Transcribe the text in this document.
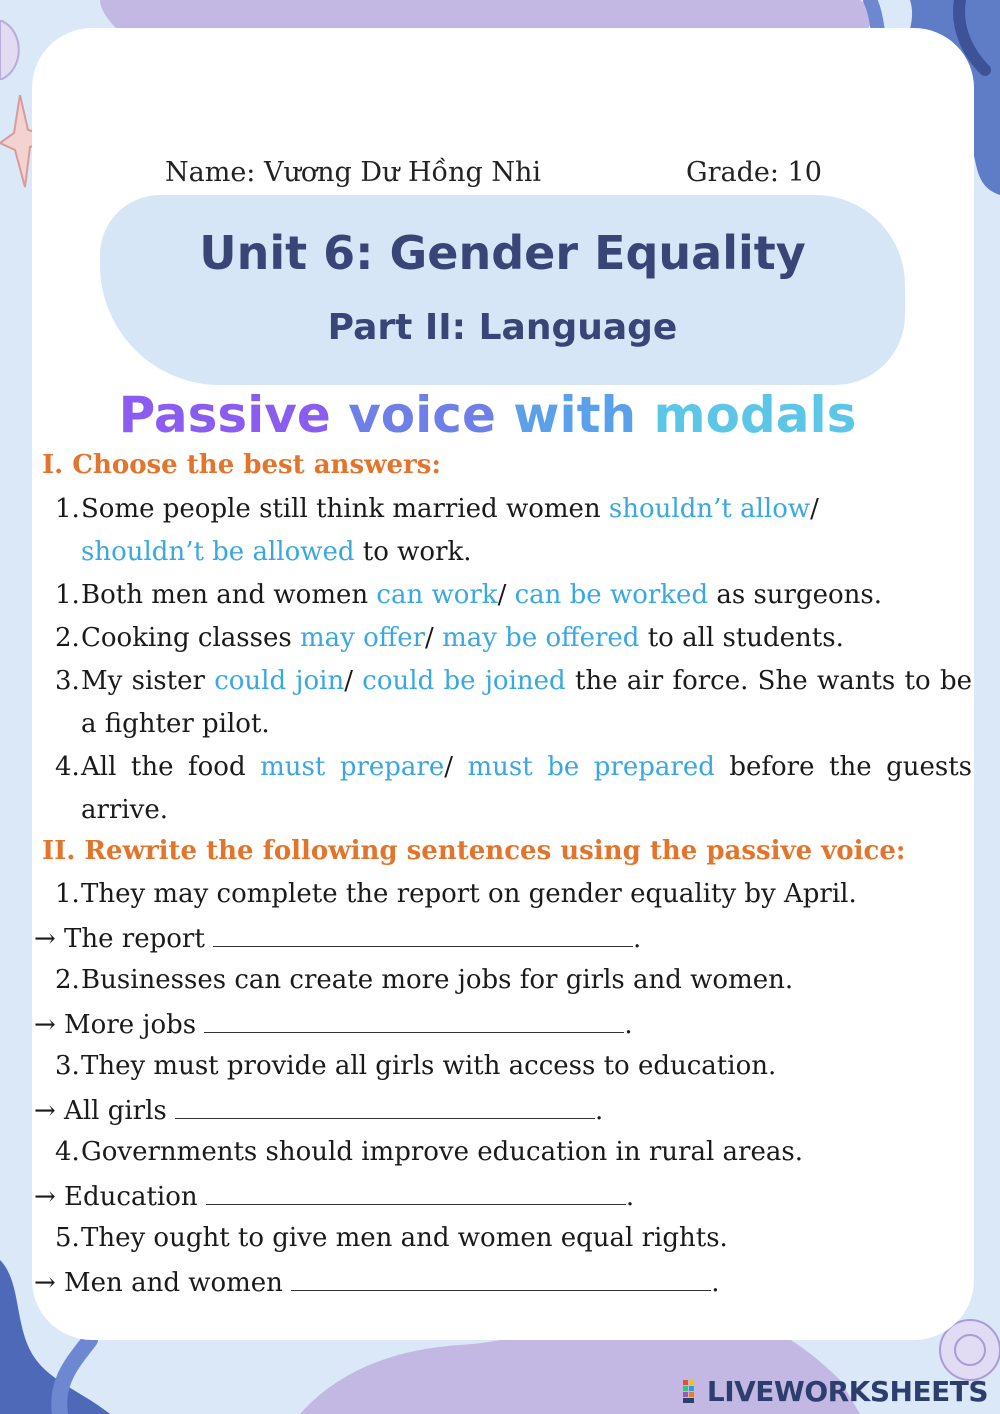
Name: Vương Dư Hồng Nhi	Grade: 10
Unit 6: Gender Equality
Part II: Language
Passive voice with modals
I. Choose the best answers:
1. Some people still think married women shouldn’t allow/
shouldn’t be allowed to work.
1. Both men and women can work/ can be worked as surgeons.
2. Cooking classes may offer/ may be offered to all students.
3. My sister could join/ could be joined the air force. She wants to be a fighter pilot.
4. All the food must prepare/ must be prepared before the guests arrive.
II. Rewrite the following sentences using the passive voice:
1. They may complete the report on gender equality by April.
→ The report	.
2. Businesses can create more jobs for girls and women.
→ More jobs	.
3. They must provide all girls with access to education.
→ All girls	.
4. Governments should improve education in rural areas.
→ Education	.
5. They ought to give men and women equal rights.
→ Men and women	.
LIVEWORKSHEETS
